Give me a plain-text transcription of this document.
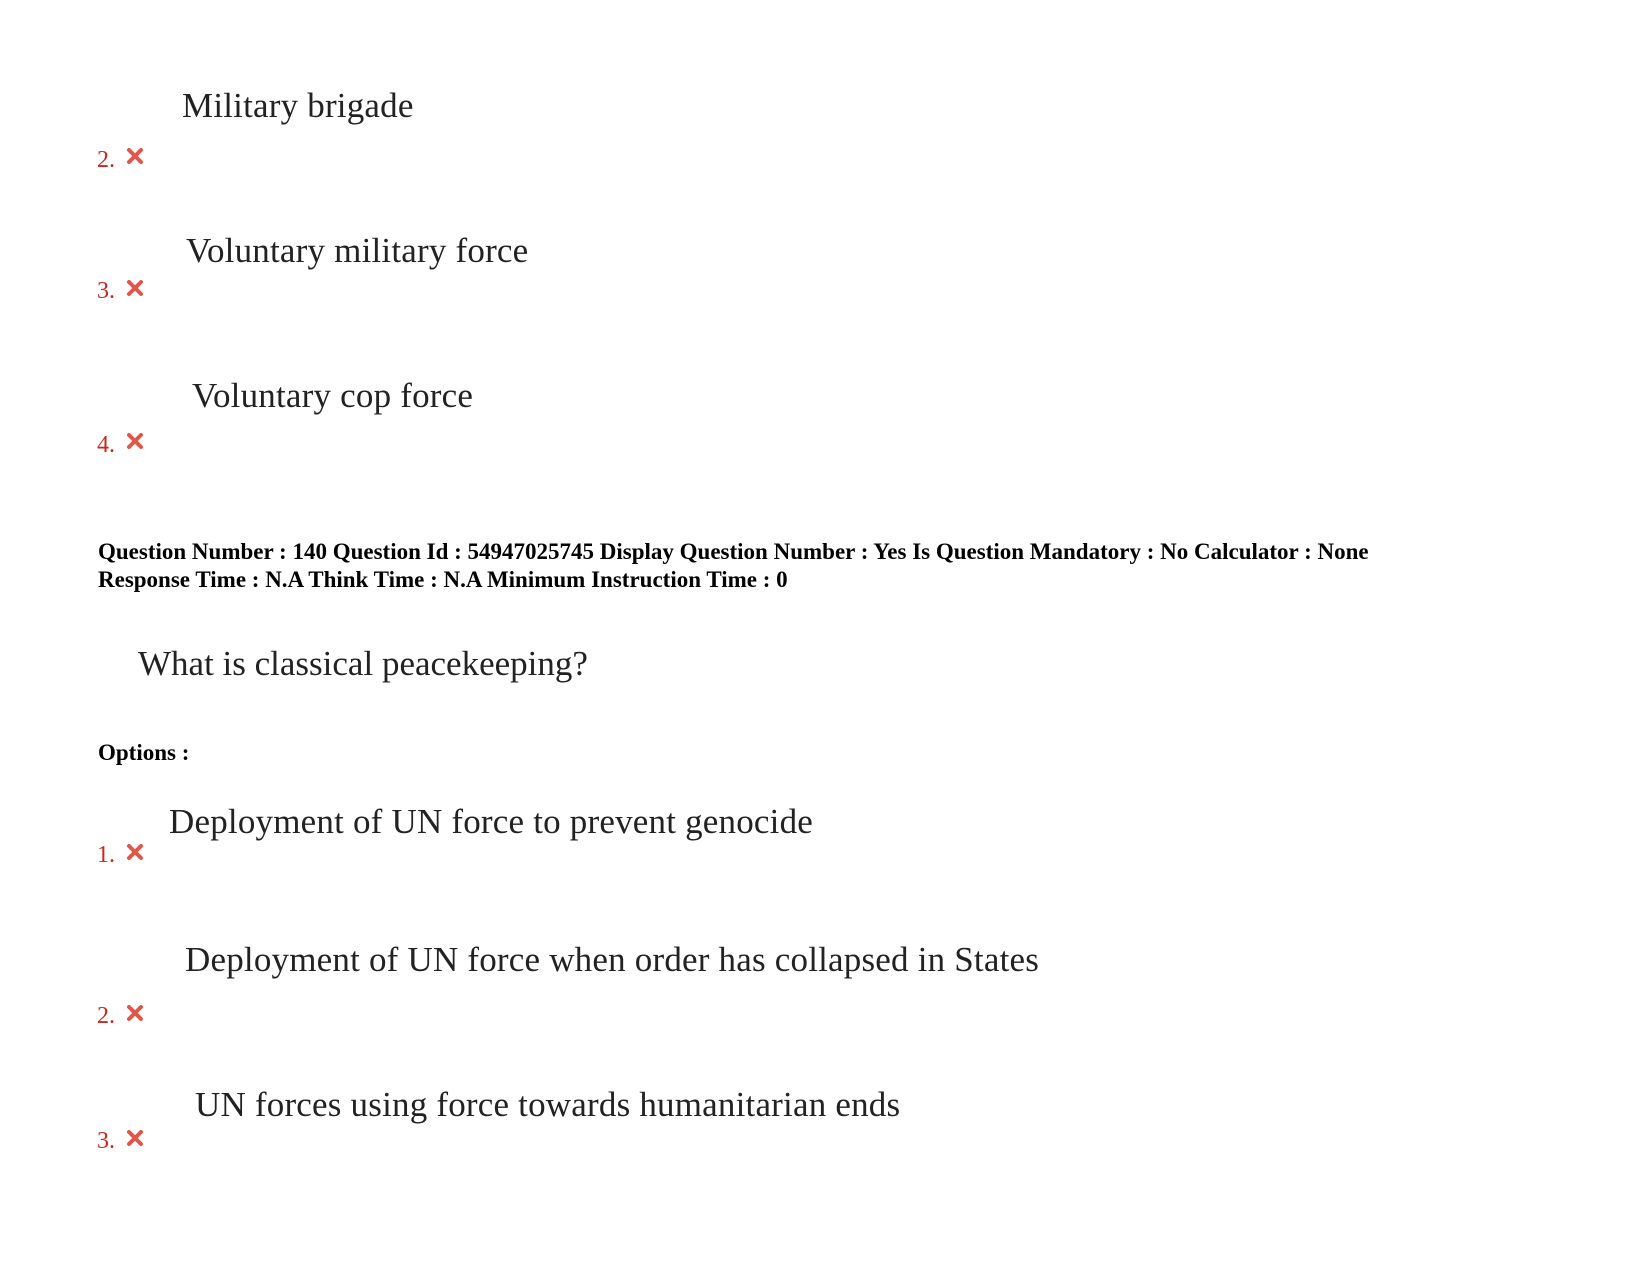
Military brigade
2.
Voluntary military force
3.
Voluntary cop force
4.
Question Number : 140 Question Id : 54947025745 Display Question Number : Yes Is Question Mandatory : No Calculator : None
Response Time : N.A Think Time : N.A Minimum Instruction Time : 0
What is classical peacekeeping?
Options :
Deployment of UN force to prevent genocide
1.
Deployment of UN force when order has collapsed in States
2.
UN forces using force towards humanitarian ends
3.
